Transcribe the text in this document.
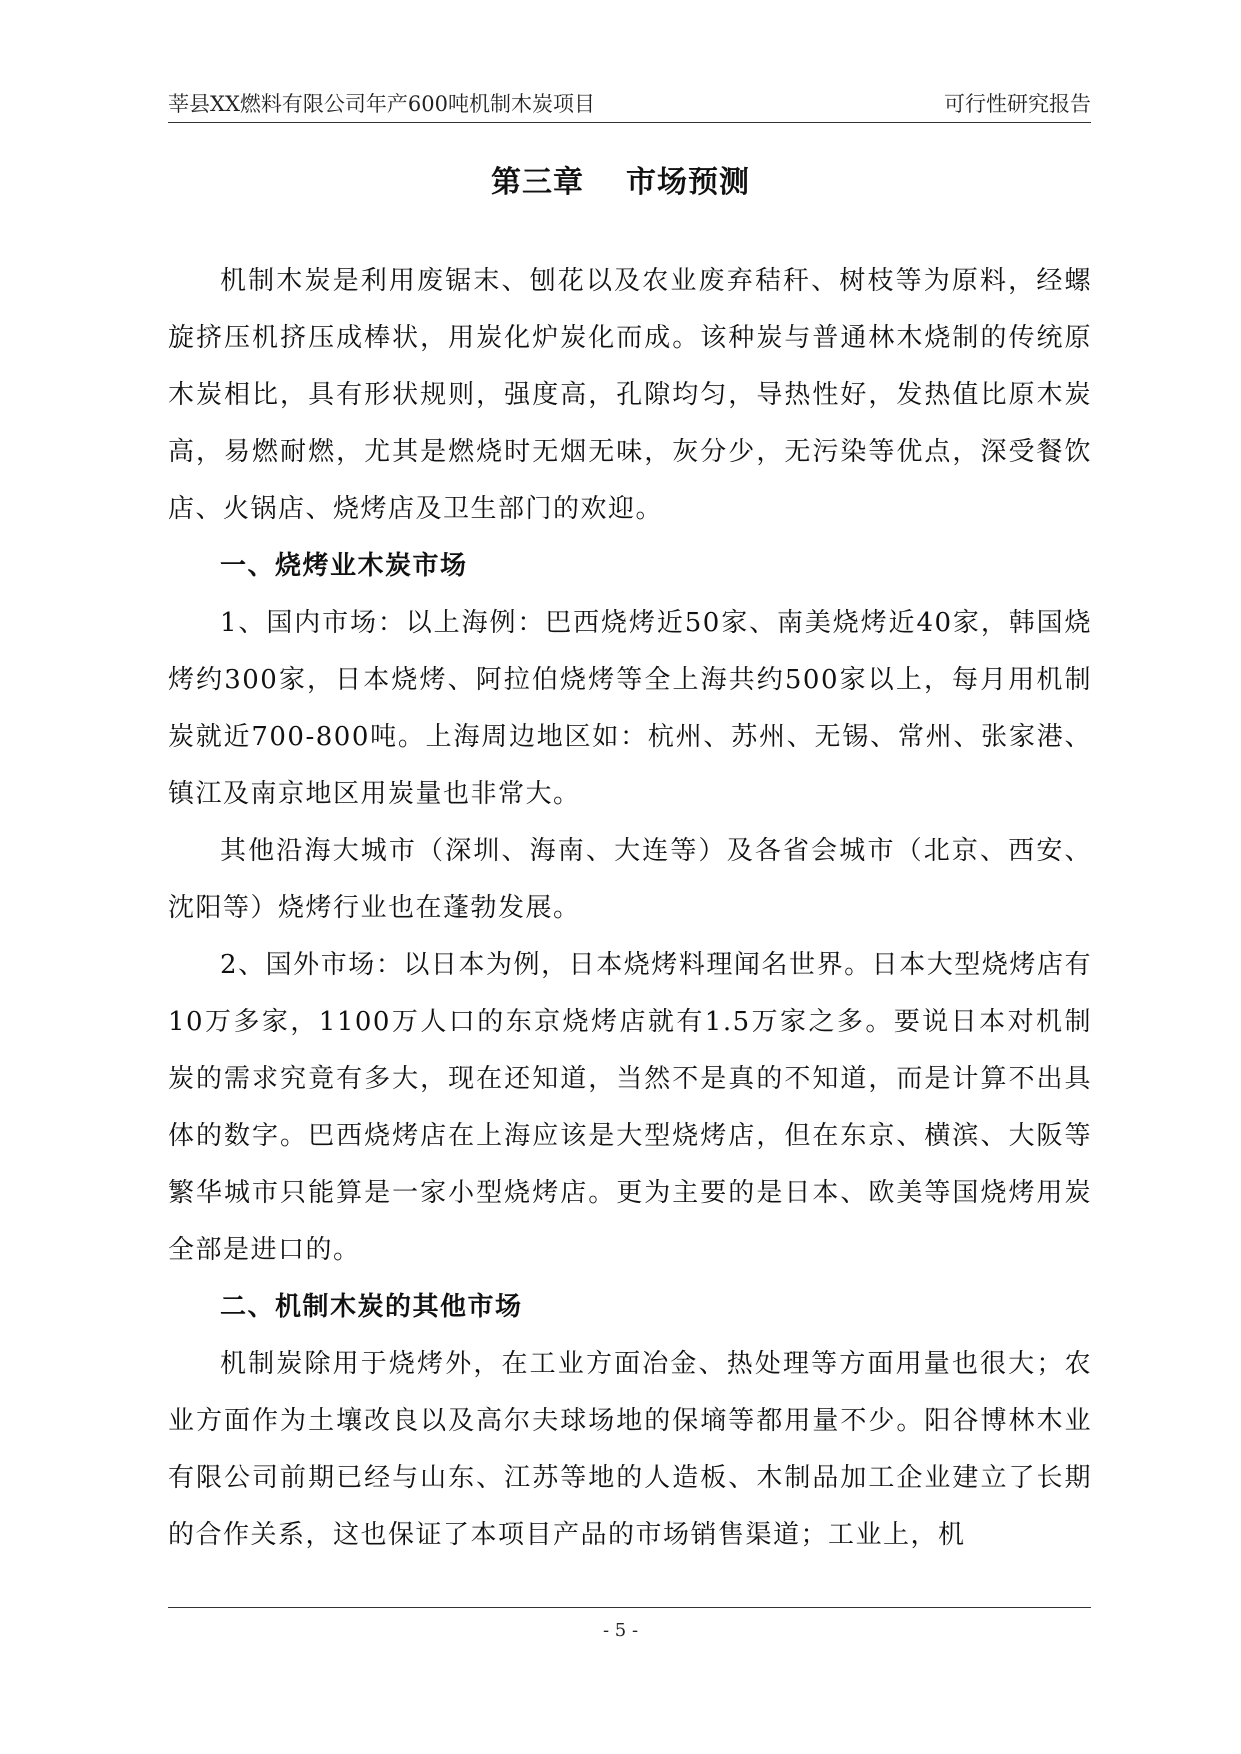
莘县XX燃料有限公司年产600吨机制木炭项目	可行性研究报告
第三章 市场预测

机制木炭是利用废锯末、刨花以及农业废弃秸秆、树枝等为原料，经螺旋挤压机挤压成棒状，用炭化炉炭化而成。该种炭与普通林木烧制的传统原木炭相比，具有形状规则，强度高，孔隙均匀，导热性好，发热值比原木炭高，易燃耐燃，尤其是燃烧时无烟无味，灰分少，无污染等优点，深受餐饮店、火锅店、烧烤店及卫生部门的欢迎。

一、烧烤业木炭市场

1、国内市场：以上海例：巴西烧烤近50家、南美烧烤近40家，韩国烧烤约300家，日本烧烤、阿拉伯烧烤等全上海共约500家以上，每月用机制炭就近700-800吨。上海周边地区如：杭州、苏州、无锡、常州、张家港、镇江及南京地区用炭量也非常大。

其他沿海大城市（深圳、海南、大连等）及各省会城市（北京、西安、沈阳等）烧烤行业也在蓬勃发展。

2、国外市场：以日本为例，日本烧烤料理闻名世界。日本大型烧烤店有10万多家，1100万人口的东京烧烤店就有1.5万家之多。要说日本对机制炭的需求究竟有多大，现在还知道，当然不是真的不知道，而是计算不出具体的数字。巴西烧烤店在上海应该是大型烧烤店，但在东京、横滨、大阪等繁华城市只能算是一家小型烧烤店。更为主要的是日本、欧美等国烧烤用炭全部是进口的。

二、机制木炭的其他市场

机制炭除用于烧烤外，在工业方面冶金、热处理等方面用量也很大；农业方面作为土壤改良以及高尔夫球场地的保墒等都用量不少。阳谷博林木业有限公司前期已经与山东、江苏等地的人造板、木制品加工企业建立了长期的合作关系，这也保证了本项目产品的市场销售渠道；工业上，机

- 5 -
